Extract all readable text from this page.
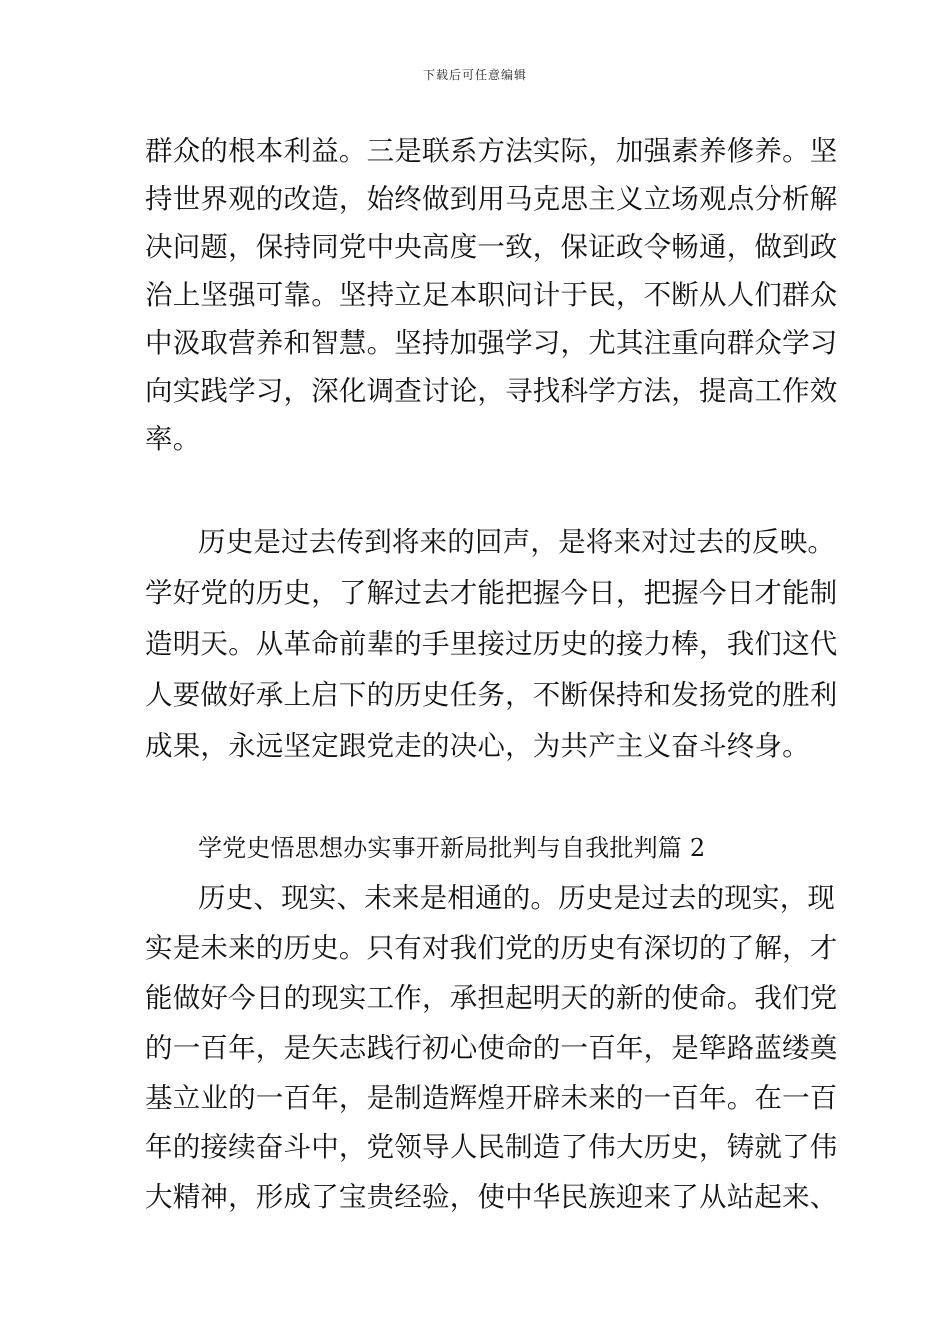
下载后可任意编辑
群众的根本利益。三是联系方法实际，加强素养修养。坚
持世界观的改造，始终做到用马克思主义立场观点分析解
决问题，保持同党中央高度一致，保证政令畅通，做到政
治上坚强可靠。坚持立足本职问计于民，不断从人们群众
中汲取营养和智慧。坚持加强学习，尤其注重向群众学习
向实践学习，深化调查讨论，寻找科学方法，提高工作效
率。
历史是过去传到将来的回声，是将来对过去的反映。
学好党的历史，了解过去才能把握今日，把握今日才能制
造明天。从革命前辈的手里接过历史的接力棒，我们这代
人要做好承上启下的历史任务，不断保持和发扬党的胜利
成果，永远坚定跟党走的决心，为共产主义奋斗终身。
学党史悟思想办实事开新局批判与自我批判篇 2
历史、现实、未来是相通的。历史是过去的现实，现
实是未来的历史。只有对我们党的历史有深切的了解，才
能做好今日的现实工作，承担起明天的新的使命。我们党
的一百年，是矢志践行初心使命的一百年，是筚路蓝缕奠
基立业的一百年，是制造辉煌开辟未来的一百年。在一百
年的接续奋斗中，党领导人民制造了伟大历史，铸就了伟
大精神，形成了宝贵经验，使中华民族迎来了从站起来、
